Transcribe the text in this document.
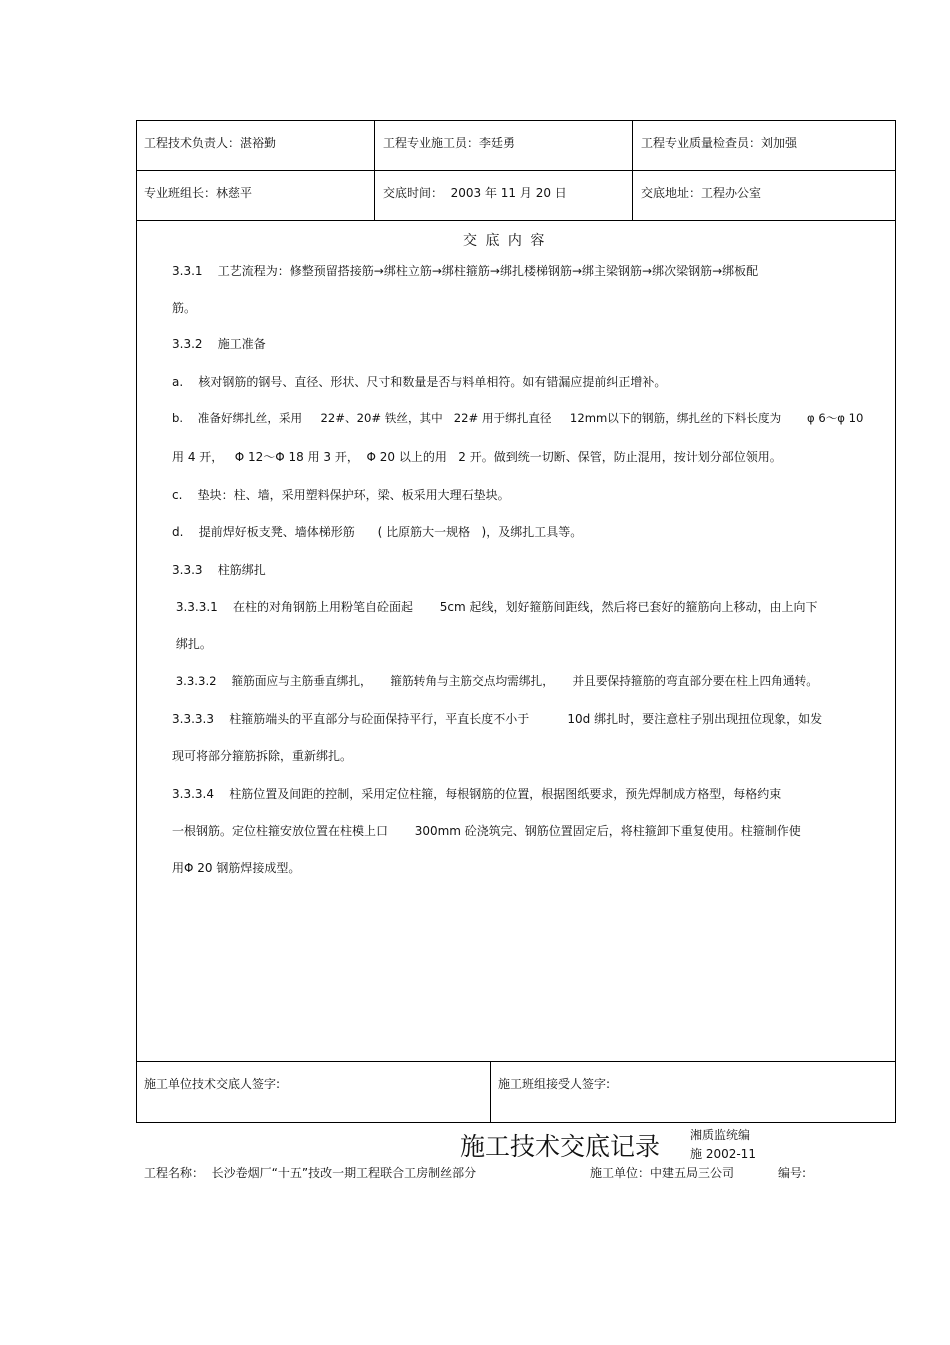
工程技术负责人：湛裕勤	工程专业施工员：李廷勇	工程专业质量检查员：刘加强
专业班组长：林慈平	交底时间：  2003 年 11 月 20 日	交底地址：工程办公室
交 底 内 容
3.3.1    工艺流程为：修整预留搭接筋→绑柱立筋→绑柱箍筋→绑扎楼梯钢筋→绑主梁钢筋→绑次梁钢筋→绑板配
筋。
3.3.2    施工准备
a.    核对钢筋的钢号、直径、形状、尺寸和数量是否与料单相符。如有错漏应提前纠正增补。
b.    准备好绑扎丝，采用     22#、20# 铁丝，其中   22# 用于绑扎直径     12mm以下的钢筋，绑扎丝的下料长度为       φ 6～φ 10
用 4 开，   Φ 12～Φ 18 用 3 开，  Φ 20 以上的用   2 开。做到统一切断、保管，防止混用，按计划分部位领用。
c.    垫块：柱、墙，采用塑料保护环，梁、板采用大理石垫块。
d.    提前焊好板支凳、墙体梯形筋      ( 比原筋大一规格   )，及绑扎工具等。
3.3.3    柱筋绑扎
3.3.3.1    在柱的对角钢筋上用粉笔自砼面起       5cm 起线，划好箍筋间距线，然后将已套好的箍筋向上移动，由上向下
绑扎。
3.3.3.2    箍筋面应与主筋垂直绑扎，     箍筋转角与主筋交点均需绑扎，     并且要保持箍筋的弯直部分要在柱上四角通转。
3.3.3.3    柱箍筋端头的平直部分与砼面保持平行，平直长度不小于          10d 绑扎时，要注意柱子别出现扭位现象，如发
现可将部分箍筋拆除，重新绑扎。
3.3.3.4    柱筋位置及间距的控制，采用定位柱箍，每根钢筋的位置，根据图纸要求，预先焊制成方格型，每格约束
一根钢筋。定位柱箍安放位置在柱模上口       300mm 砼浇筑完、钢筋位置固定后，将柱箍卸下重复使用。柱箍制作使
用Φ 20 钢筋焊接成型。
施工单位技术交底人签字:	施工班组接受人签字:
施工技术交底记录 湘质监统编
施 2002-11
工程名称：  长沙卷烟厂“十五”技改一期工程联合工房制丝部分	施工单位：中建五局三公司	编号:
